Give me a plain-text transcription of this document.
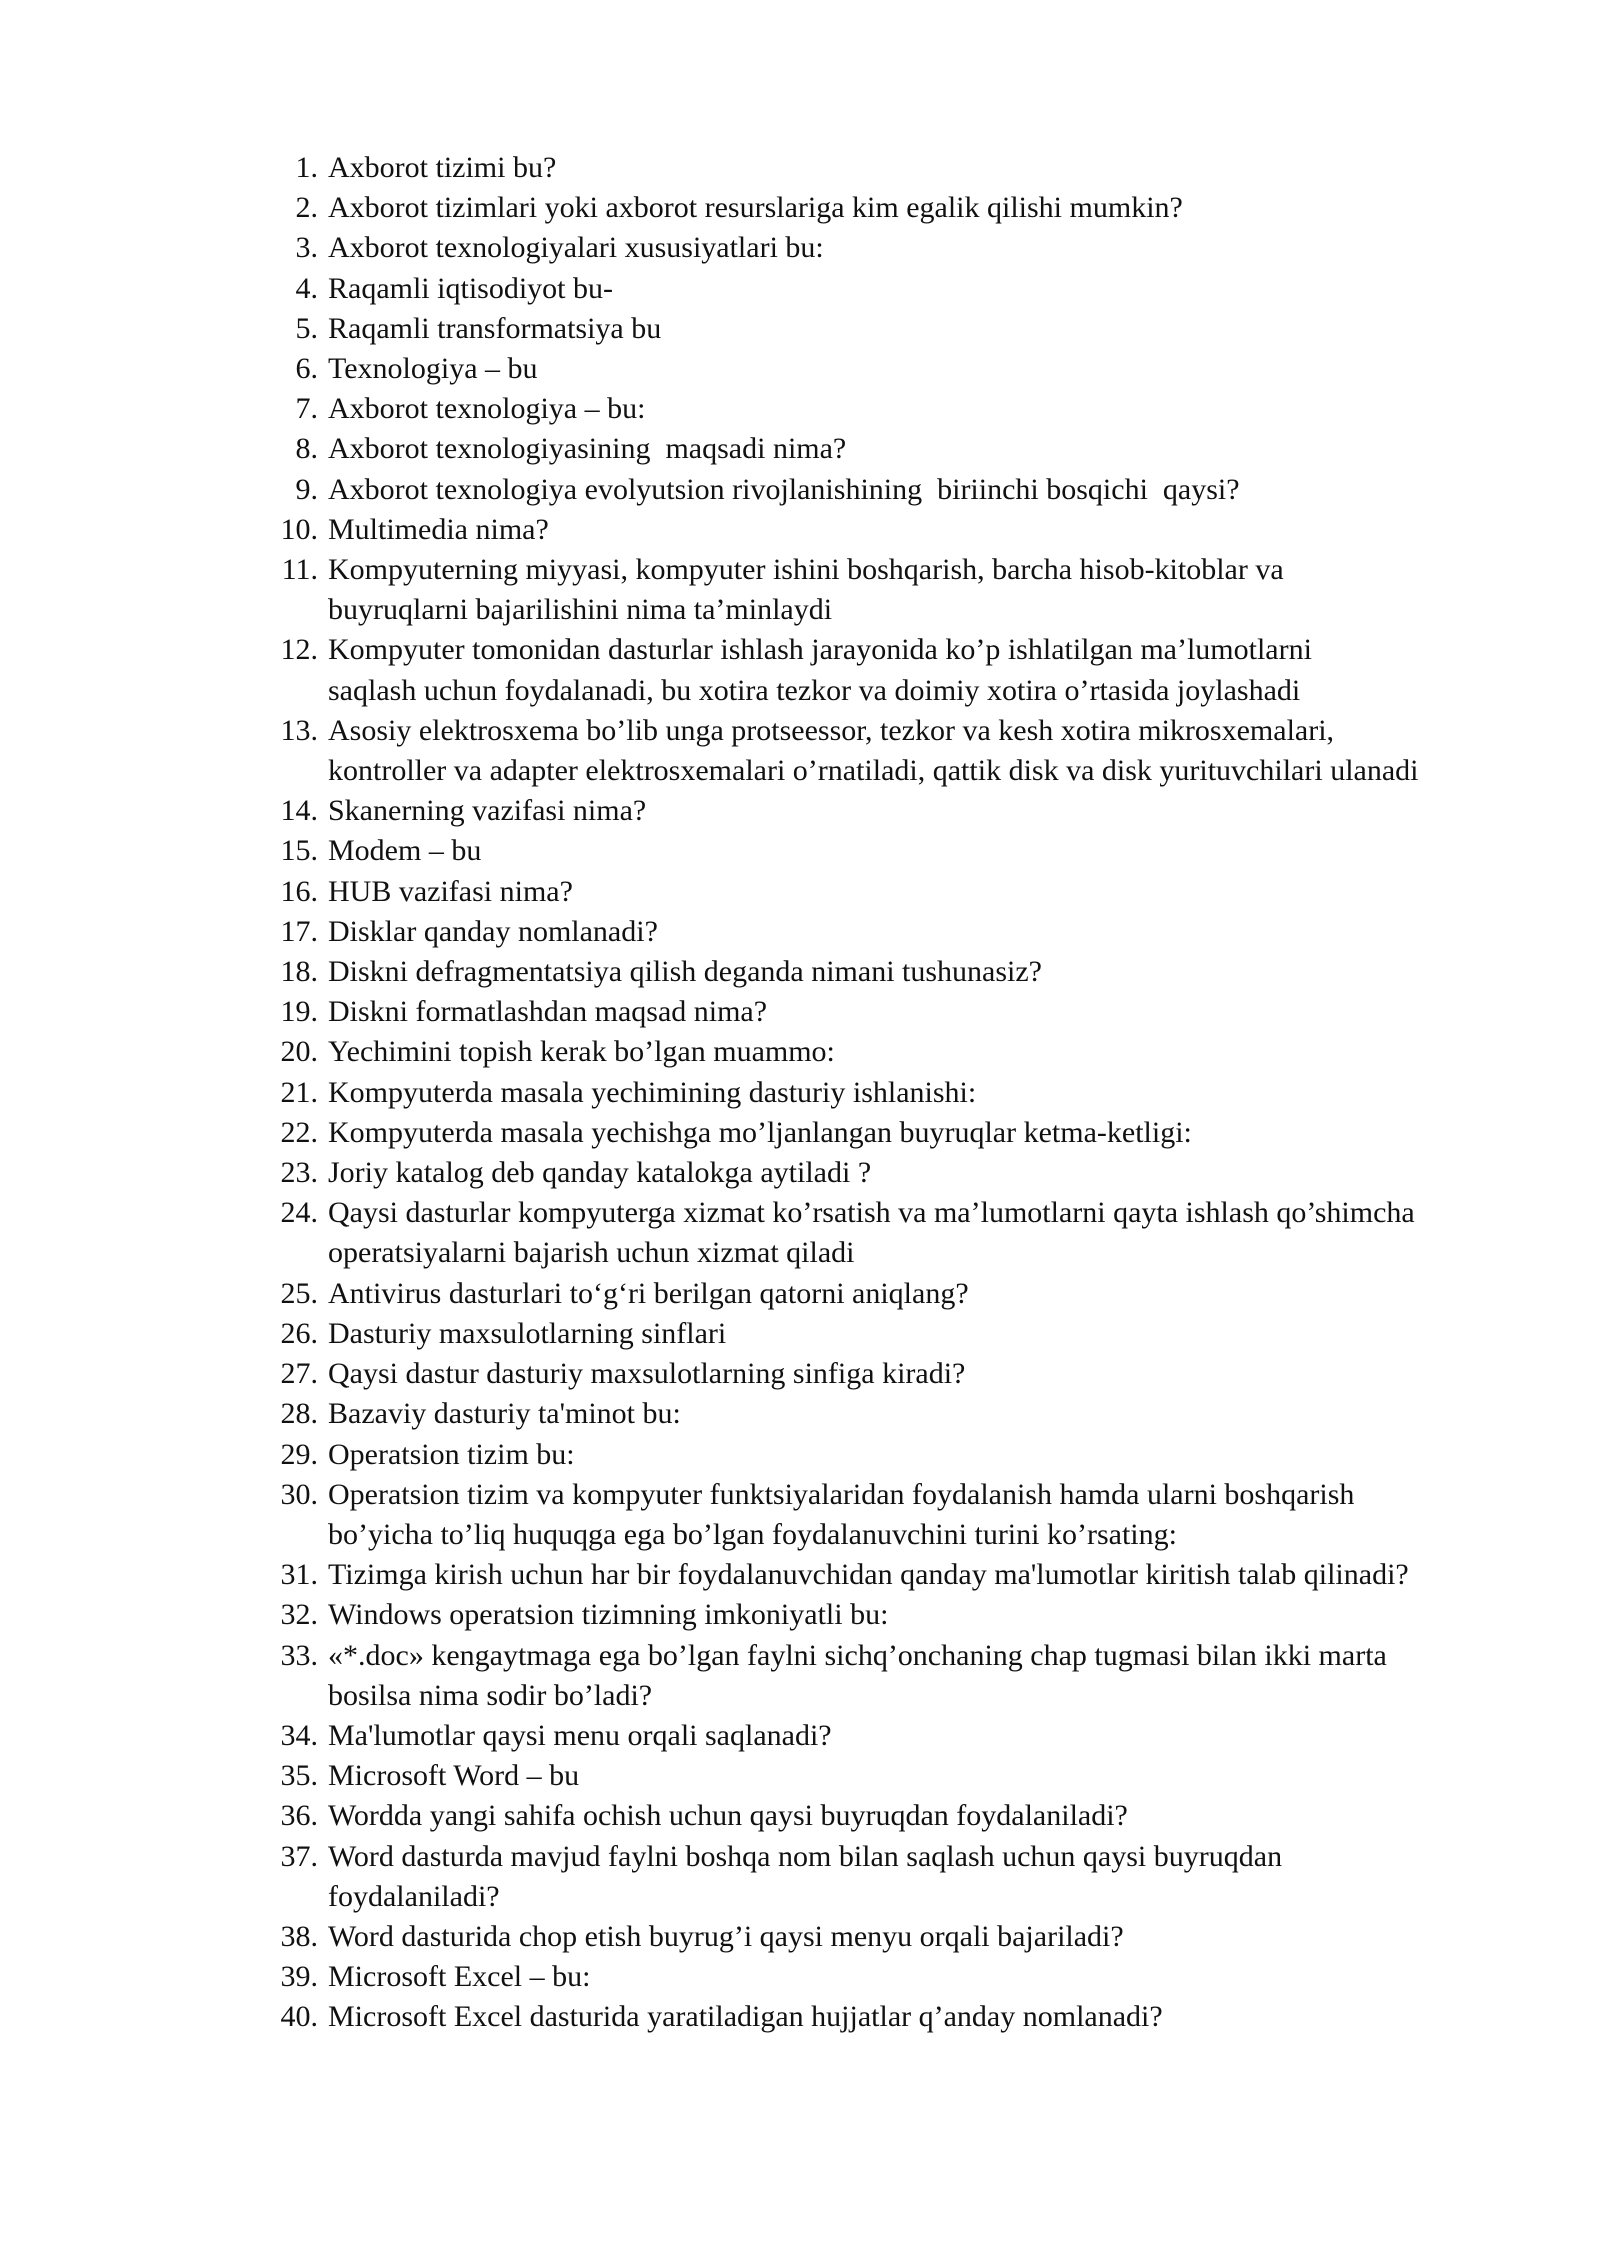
1. Axborot tizimi bu?
2. Axborot tizimlari yoki axborot resurslariga kim egalik qilishi mumkin?
3. Axborot texnologiyalari xususiyatlari bu:
4. Raqamli iqtisodiyot bu-
5. Raqamli transformatsiya bu
6. Texnologiya – bu
7. Axborot texnologiya – bu:
8. Axborot texnologiyasining  maqsadi nima?
9. Axborot texnologiya evolyutsion rivojlanishining  biriinchi bosqichi  qaysi?
10. Multimedia nima?
11. Kompyuterning miyyasi, kompyuter ishini boshqarish, barcha hisob-kitoblar va
buyruqlarni bajarilishini nima ta’minlaydi
12. Kompyuter tomonidan dasturlar ishlash jarayonida ko’p ishlatilgan ma’lumotlarni
saqlash uchun foydalanadi, bu xotira tezkor va doimiy xotira o’rtasida joylashadi
13. Asosiy elektrosxema bo’lib unga protseessor, tezkor va kesh xotira mikrosxemalari,
kontroller va adapter elektrosxemalari o’rnatiladi, qattik disk va disk yurituvchilari ulanadi
14. Skanerning vazifasi nima?
15. Modem – bu
16. HUB vazifasi nima?
17. Disklar qanday nomlanadi?
18. Diskni defragmentatsiya qilish deganda nimani tushunasiz?
19. Diskni formatlashdan maqsad nima?
20. Yechimini topish kerak bo’lgan muammo:
21. Kompyuterda masala yechimining dasturiy ishlanishi:
22. Kompyuterda masala yechishga mo’ljanlangan buyruqlar ketma-ketligi:
23. Joriy katalog deb qanday katalokga aytiladi ?
24. Qaysi dasturlar kompyuterga xizmat ko’rsatish va ma’lumotlarni qayta ishlash qo’shimcha
operatsiyalarni bajarish uchun xizmat qiladi
25. Antivirus dasturlari to‘g‘ri berilgan qatorni aniqlang?
26. Dasturiy maxsulotlarning sinflari
27. Qaysi dastur dasturiy maxsulotlarning sinfiga kiradi?
28. Bazaviy dasturiy ta'minot bu:
29. Operatsion tizim bu:
30. Operatsion tizim va kompyuter funktsiyalaridan foydalanish hamda ularni boshqarish
bo’yicha to’liq huquqga ega bo’lgan foydalanuvchini turini ko’rsating:
31. Tizimga kirish uchun har bir foydalanuvchidan qanday ma'lumotlar kiritish talab qilinadi?
32. Windows operatsion tizimning imkoniyatli bu:
33. «*.doc» kengaytmaga ega bo’lgan faylni sichq’onchaning chap tugmasi bilan ikki marta
bosilsa nima sodir bo’ladi?
34. Ma'lumotlar qaysi menu orqali saqlanadi?
35. Microsoft Word – bu
36. Wordda yangi sahifa ochish uchun qaysi buyruqdan foydalaniladi?
37. Word dasturda mavjud faylni boshqa nom bilan saqlash uchun qaysi buyruqdan
foydalaniladi?
38. Word dasturida chop etish buyrug’i qaysi menyu orqali bajariladi?
39. Microsoft Excel – bu:
40. Microsoft Excel dasturida yaratiladigan hujjatlar q’anday nomlanadi?
